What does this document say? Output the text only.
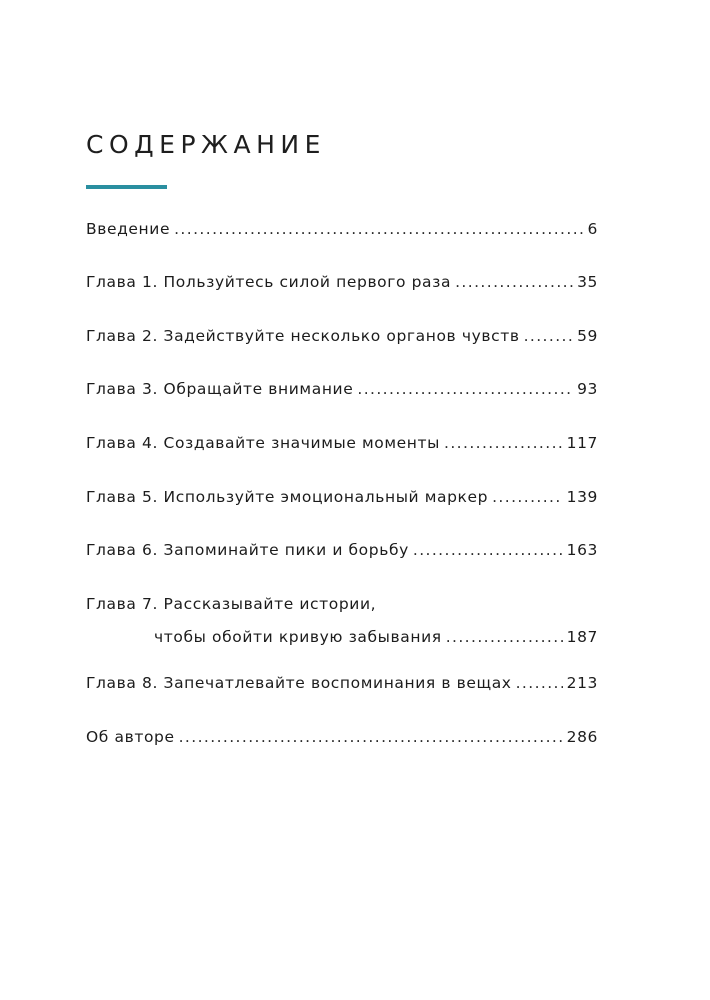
СОДЕРЖАНИЕ
Введение .....	6
Глава 1. Пользуйтесь силой первого раза .....	35
Глава 2. Задействуйте несколько органов чувств .....	59
Глава 3. Обращайте внимание .....	93
Глава 4. Создавайте значимые моменты .....	117
Глава 5. Используйте эмоциональный маркер .....	139
Глава 6. Запоминайте пики и борьбу .....	163
Глава 7. Рассказывайте истории,
чтобы обойти кривую забывания .....	187
Глава 8. Запечатлевайте воспоминания в вещах .....	213
Об авторе .....	286
